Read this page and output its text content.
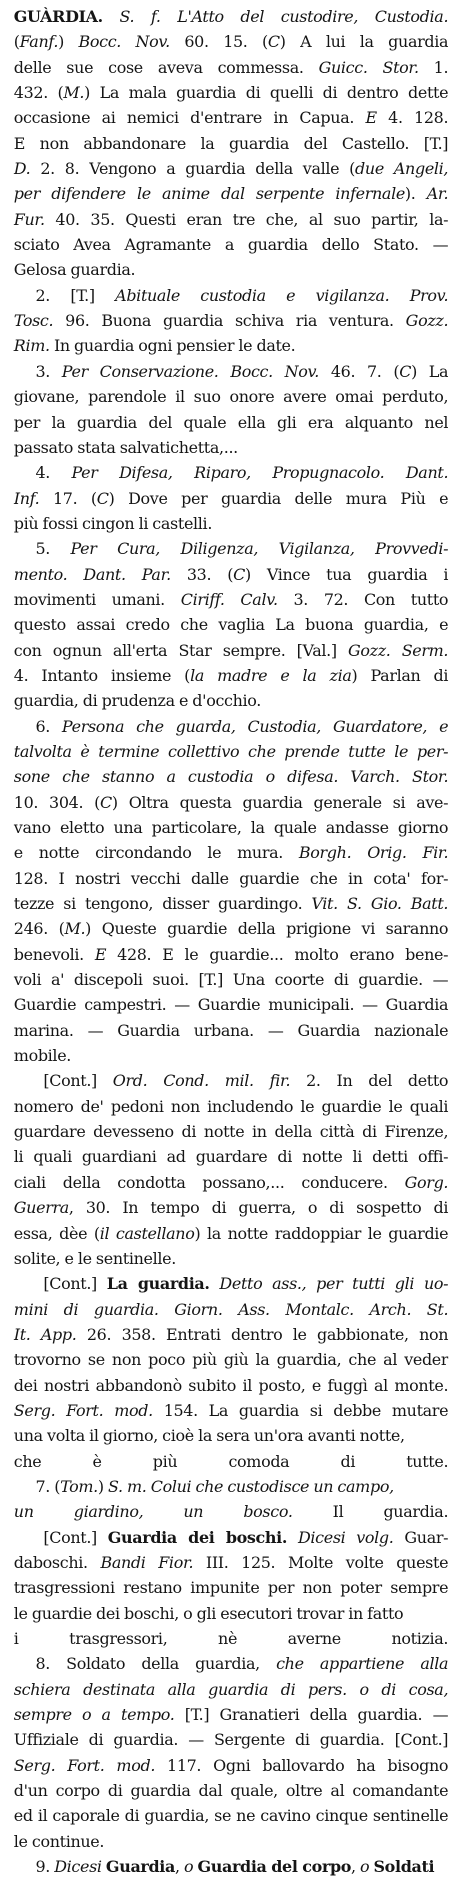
GUÀRDIA. S. f. L'Atto del custodire, Custodia.
(Fanf.) Bocc. Nov. 60. 15. (C) A lui la guardia
delle sue cose aveva commessa. Guicc. Stor. 1.
432. (M.) La mala guardia di quelli di dentro dette
occasione ai nemici d'entrare in Capua. E 4. 128.
E non abbandonare la guardia del Castello. [T.]
D. 2. 8. Vengono a guardia della valle (due Angeli,
per difendere le anime dal serpente infernale). Ar.
Fur. 40. 35. Questi eran tre che, al suo partir, la-
sciato Avea Agramante a guardia dello Stato. —
Gelosa guardia.
2. [T.] Abituale custodia e vigilanza. Prov.
Tosc. 96. Buona guardia schiva ria ventura. Gozz.
Rim. In guardia ogni pensier le date.
3. Per Conservazione. Bocc. Nov. 46. 7. (C) La
giovane, parendole il suo onore avere omai perduto,
per la guardia del quale ella gli era alquanto nel
passato stata salvatichetta,...
4. Per Difesa, Riparo, Propugnacolo. Dant.
Inf. 17. (C) Dove per guardia delle mura Più e
più fossi cingon li castelli.
5. Per Cura, Diligenza, Vigilanza, Provvedi-
mento. Dant. Par. 33. (C) Vince tua guardia i
movimenti umani. Ciriff. Calv. 3. 72. Con tutto
questo assai credo che vaglia La buona guardia, e
con ognun all'erta Star sempre. [Val.] Gozz. Serm.
4. Intanto insieme (la madre e la zia) Parlan di
guardia, di prudenza e d'occhio.
6. Persona che guarda, Custodia, Guardatore, e
talvolta è termine collettivo che prende tutte le per-
sone che stanno a custodia o difesa. Varch. Stor.
10. 304. (C) Oltra questa guardia generale si ave-
vano eletto una particolare, la quale andasse giorno
e notte circondando le mura. Borgh. Orig. Fir.
128. I nostri vecchi dalle guardie che in cota' for-
tezze si tengono, disser guardingo. Vit. S. Gio. Batt.
246. (M.) Queste guardie della prigione vi saranno
benevoli. E 428. E le guardie... molto erano bene-
voli a' discepoli suoi. [T.] Una coorte di guardie. —
Guardie campestri. — Guardie municipali. — Guardia
marina. — Guardia urbana. — Guardia nazionale
mobile.
[Cont.] Ord. Cond. mil. fir. 2. In del detto
nomero de' pedoni non includendo le guardie le quali
guardare devesseno di notte in della città di Firenze,
li quali guardiani ad guardare di notte li detti offi-
ciali della condotta possano,... conducere. Gorg.
Guerra, 30. In tempo di guerra, o di sospetto di
essa, dèe (il castellano) la notte raddoppiar le guardie
solite, e le sentinelle.
[Cont.] La guardia. Detto ass., per tutti gli uo-
mini di guardia. Giorn. Ass. Montalc. Arch. St.
It. App. 26. 358. Entrati dentro le gabbionate, non
trovorno se non poco più giù la guardia, che al veder
dei nostri abbandonò subito il posto, e fuggì al monte.
Serg. Fort. mod. 154. La guardia si debbe mutare
una volta il giorno, cioè la sera un'ora avanti notte,
che è più comoda di tutte.
7. (Tom.) S. m. Colui che custodisce un campo,
un giardino, un bosco. Il guardia.
[Cont.] Guardia dei boschi. Dicesi volg. Guar-
daboschi. Bandi Fior. III. 125. Molte volte queste
trasgressioni restano impunite per non poter sempre
le guardie dei boschi, o gli esecutori trovar in fatto
i trasgressori, nè averne notizia.
8. Soldato della guardia, che appartiene alla
schiera destinata alla guardia di pers. o di cosa,
sempre o a tempo. [T.] Granatieri della guardia. —
Uffiziale di guardia. — Sergente di guardia. [Cont.]
Serg. Fort. mod. 117. Ogni ballovardo ha bisogno
d'un corpo di guardia dal quale, oltre al comandante
ed il caporale di guardia, se ne cavino cinque sentinelle
le continue.
9. Dicesi Guardia, o Guardia del corpo, o Soldati
